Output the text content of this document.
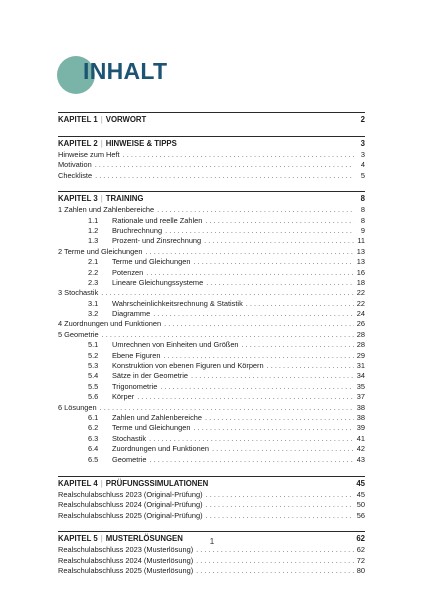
INHALT
KAPITEL 1 | VORWORT	2
KAPITEL 2 | HINWEISE & TIPPS	3
Hinweise zum Heft . . .	3
Motivation . . .	4
Checkliste . . .	5
KAPITEL 3 | TRAINING	8
1 Zahlen und Zahlenbereiche . . .	8
1.1	Rationale und reelle Zahlen . . .	8
1.2	Bruchrechnung . . .	9
1.3	Prozent- und Zinsrechnung . . .	11
2 Terme und Gleichungen . . .	13
2.1	Terme und Gleichungen . . .	13
2.2	Potenzen . . .	16
2.3	Lineare Gleichungssysteme . . .	18
3 Stochastik . . .	22
3.1	Wahrscheinlichkeitsrechnung & Statistik . . .	22
3.2	Diagramme . . .	24
4 Zuordnungen und Funktionen . . .	26
5 Geometrie . . .	28
5.1	Umrechnen von Einheiten und Größen . . .	28
5.2	Ebene Figuren . . .	29
5.3	Konstruktion von ebenen Figuren und Körpern . . .	31
5.4	Sätze in der Geometrie . . .	34
5.5	Trigonometrie . . .	35
5.6	Körper . . .	37
6 Lösungen . . .	38
6.1	Zahlen und Zahlenbereiche . . .	38
6.2	Terme und Gleichungen . . .	39
6.3	Stochastik . . .	41
6.4	Zuordnungen und Funktionen . . .	42
6.5	Geometrie . . .	43
KAPITEL 4 | PRÜFUNGSSIMULATIONEN	45
Realschulabschluss 2023 (Original-Prüfung) . . .	45
Realschulabschluss 2024 (Original-Prüfung) . . .	50
Realschulabschluss 2025 (Original-Prüfung) . . .	56
KAPITEL 5 | MUSTERLÖSUNGEN	62
Realschulabschluss 2023 (Musterlösung) . . .	62
Realschulabschluss 2024 (Musterlösung) . . .	72
Realschulabschluss 2025 (Musterlösung) . . .	80
1
